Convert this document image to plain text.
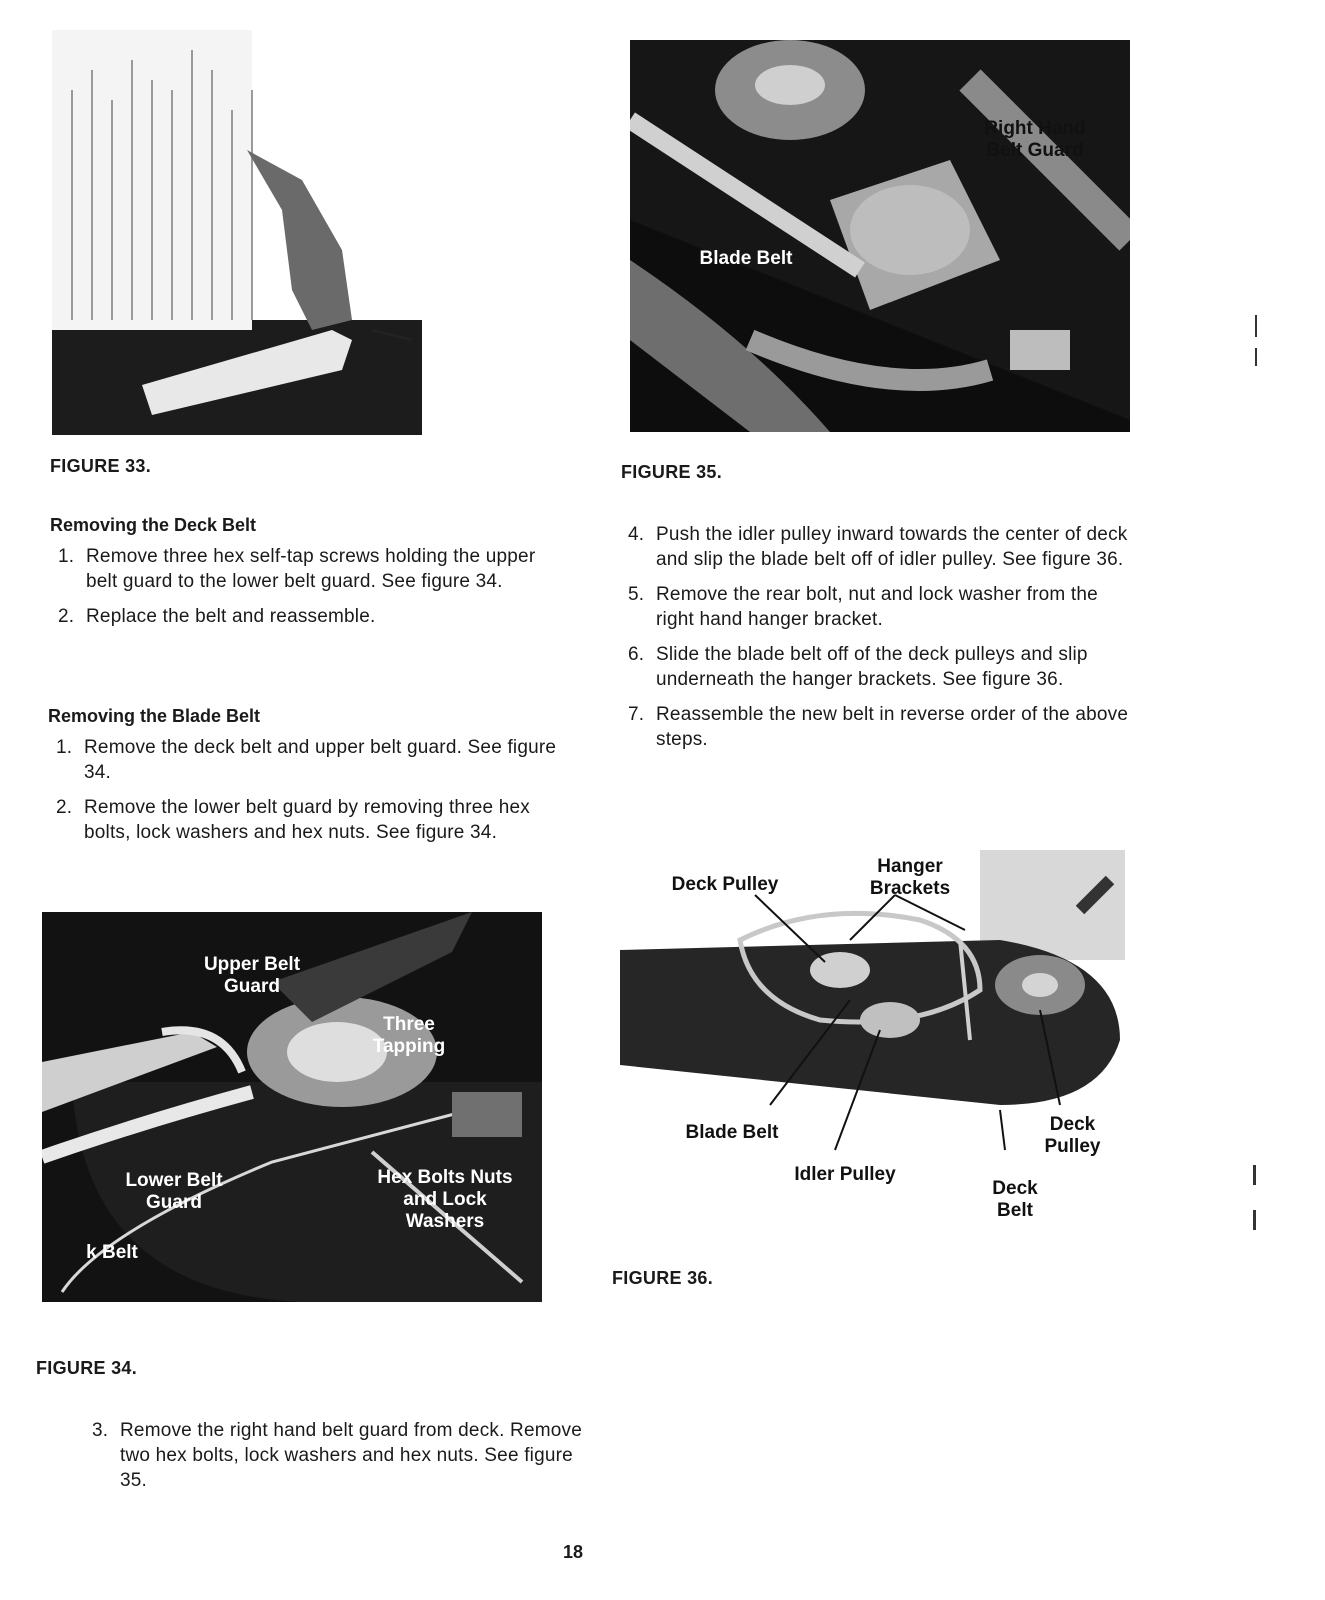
FIGURE 33.
Removing the Deck Belt
1. Remove three hex self-tap screws holding the upper belt guard to the lower belt guard. See figure 34.
2. Replace the belt and reassemble.
Removing the Blade Belt
1. Remove the deck belt and upper belt guard. See figure 34.
2. Remove the lower belt guard by removing three hex bolts, lock washers and hex nuts. See figure 34.
Upper Belt Guard
Three Tapping
Lower Belt Guard
Hex Bolts Nuts and Lock Washers
k Belt
FIGURE 34.
3. Remove the right hand belt guard from deck. Remove two hex bolts, lock washers and hex nuts. See figure 35.
Right Hand Belt Guard
Blade Belt
FIGURE 35.
4. Push the idler pulley inward towards the center of deck and slip the blade belt off of idler pulley. See figure 36.
5. Remove the rear bolt, nut and lock washer from the right hand hanger bracket.
6. Slide the blade belt off of the deck pulleys and slip underneath the hanger brackets. See figure 36.
7. Reassemble the new belt in reverse order of the above steps.
Deck Pulley
Hanger Brackets
Blade Belt
Idler Pulley
Deck Pulley
Deck Belt
FIGURE 36.
18
